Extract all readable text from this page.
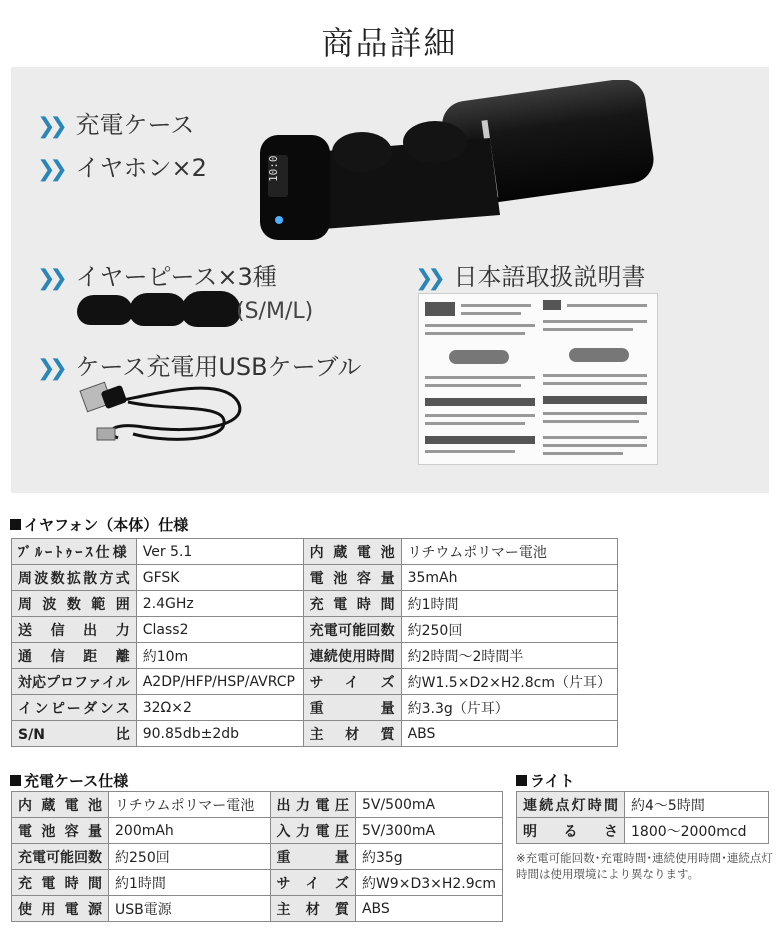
商品詳細
❯❯ 充電ケース
❯❯ イヤホン×2
❯❯ イヤーピース×3種
❯❯ ケース充電用USBケーブル
❯❯ 日本語取扱説明書
(S/M/L)
10:0
イヤフォン（本体）仕様
ﾌﾞﾙｰﾄｩｰｽ仕様	Ver 5.1	内蔵電池	リチウムポリマー電池
周波数拡散方式	GFSK	電池容量	35mAh
周波数範囲	2.4GHz	充電時間	約1時間
送信出力	Class2	充電可能回数	約250回
通信距離	約10m	連続使用時間	約2時間〜2時間半
対応プロファイル	A2DP/HFP/HSP/AVRCP	サイズ	約W1.5×D2×H2.8cm（片耳）
インピーダンス	32Ω×2	重量	約3.3g（片耳）
S/N比	90.85db±2db	主材質	ABS
充電ケース仕様
内蔵電池	リチウムポリマー電池	出力電圧	5V/500mA
電池容量	200mAh	入力電圧	5V/300mA
充電可能回数	約250回	重量	約35g
充電時間	約1時間	サイズ	約W9×D3×H2.9cm
使用電源	USB電源	主材質	ABS
ライト
連続点灯時間	約4〜5時間
明るさ	1800〜2000mcd
※充電可能回数･充電時間･連続使用時間･連続点灯時間は使用環境により異なります。
